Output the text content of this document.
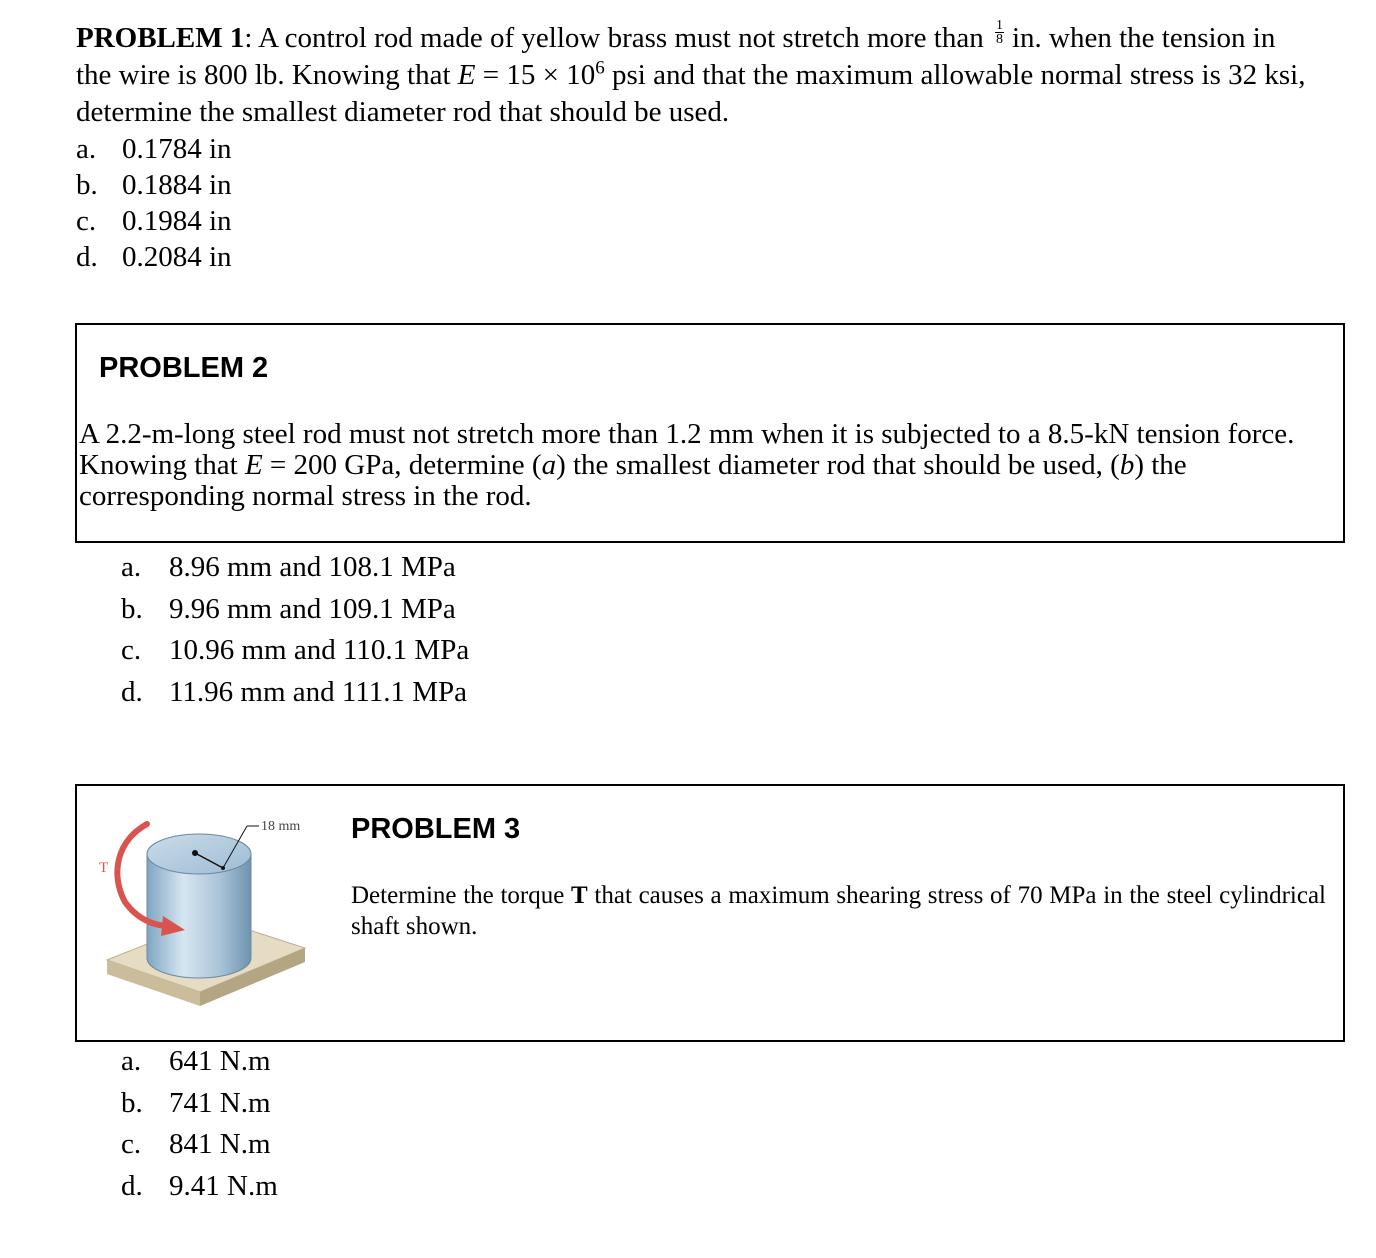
PROBLEM 1: A control rod made of yellow brass must not stretch more than $\frac{1}{8}$ in. when the tension in the wire is 800 lb. Knowing that $E = 15 \times 10^6$ psi and that the maximum allowable normal stress is 32 ksi, determine the smallest diameter rod that should be used.

a. 0.1784 in
b. 0.1884 in
c. 0.1984 in
d. 0.2084 in
PROBLEM 2
A 2.2-m-long steel rod must not stretch more than 1.2 mm when it is subjected to a 8.5-kN tension force. Knowing that E = 200 GPa, determine (a) the smallest diameter rod that should be used, (b) the corresponding normal stress in the rod.
a. 8.96 mm and 108.1 MPa
b. 9.96 mm and 109.1 MPa
c. 10.96 mm and 110.1 MPa
d. 11.96 mm and 111.1 MPa
18 mm
T
PROBLEM 3
Determine the torque T that causes a maximum shearing stress of 70 MPa in the steel cylindrical shaft shown.
a. 641 N.m
b. 741 N.m
c. 841 N.m
d. 9.41 N.m
